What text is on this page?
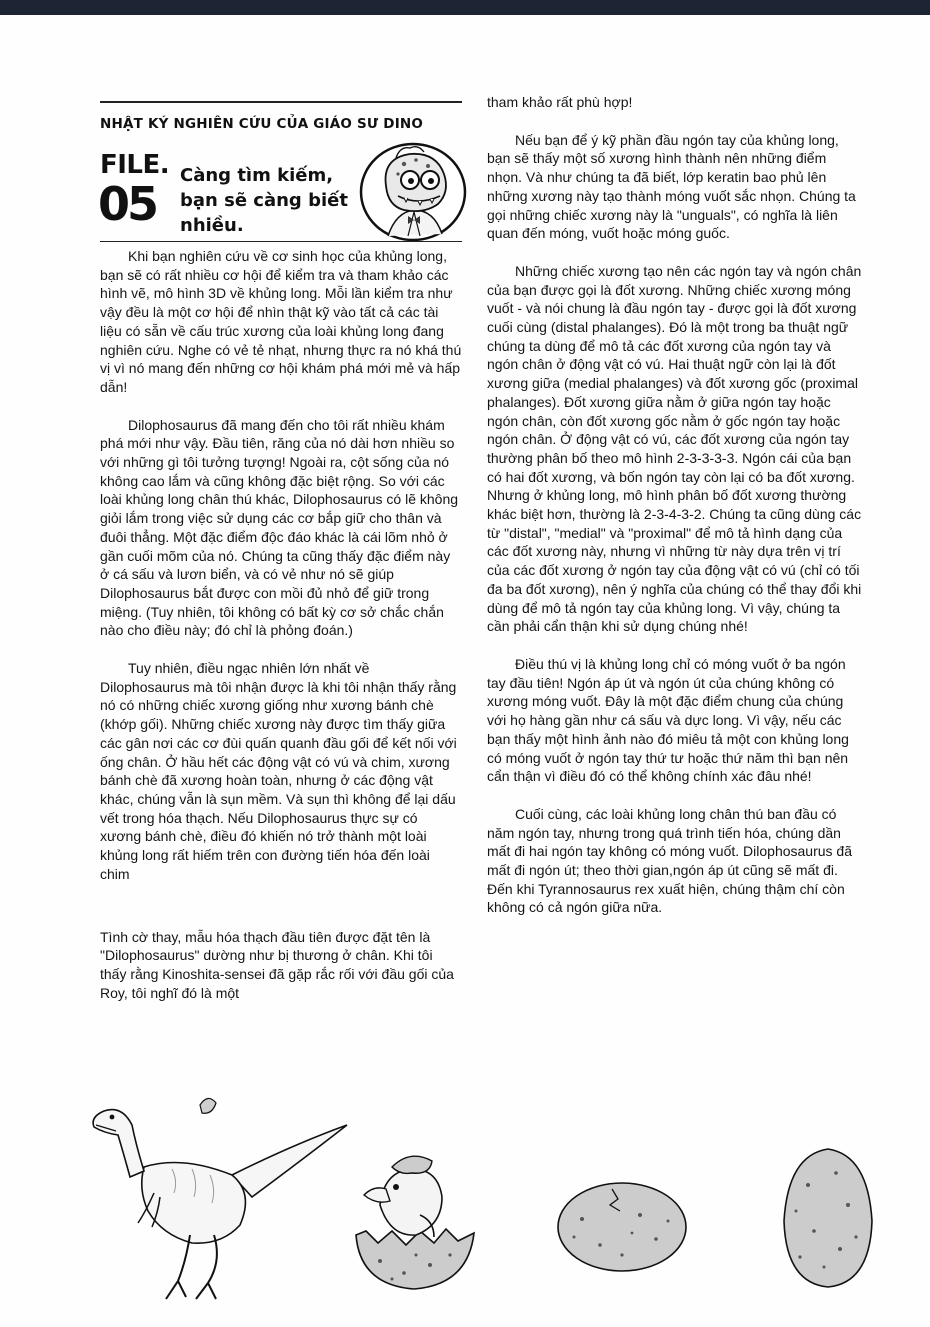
NHẬT KÝ NGHIÊN CỨU CỦA GIÁO SƯ DINO
FILE.
05
Càng tìm kiếm, bạn sẽ càng biết nhiều.

Khi bạn nghiên cứu về cơ sinh học của khủng long, bạn sẽ có rất nhiều cơ hội để kiểm tra và tham khảo các hình vẽ, mô hình 3D về khủng long. Mỗi lần kiểm tra như vậy đều là một cơ hội để nhìn thật kỹ vào tất cả các tài liệu có sẵn về cấu trúc xương của loài khủng long đang nghiên cứu. Nghe có vẻ tẻ nhạt, nhưng thực ra nó khá thú vị vì nó mang đến những cơ hội khám phá mới mẻ và hấp dẫn!

Dilophosaurus đã mang đến cho tôi rất nhiều khám phá mới như vậy. Đầu tiên, răng của nó dài hơn nhiều so với những gì tôi tưởng tượng! Ngoài ra, cột sống của nó không cao lắm và cũng không đặc biệt rộng. So với các loài khủng long chân thú khác, Dilophosaurus có lẽ không giỏi lắm trong việc sử dụng các cơ bắp giữ cho thân và đuôi thẳng. Một đặc điểm độc đáo khác là cái lõm nhỏ ở gần cuối mõm của nó. Chúng ta cũng thấy đặc điểm này ở cá sấu và lươn biển, và có vẻ như nó sẽ giúp Dilophosaurus bắt được con mồi đủ nhỏ để giữ trong miệng. (Tuy nhiên, tôi không có bất kỳ cơ sở chắc chắn nào cho điều này; đó chỉ là phỏng đoán.)

Tuy nhiên, điều ngạc nhiên lớn nhất về Dilophosaurus mà tôi nhận được là khi tôi nhận thấy rằng nó có những chiếc xương giống như xương bánh chè (khớp gối). Những chiếc xương này được tìm thấy giữa các gân nơi các cơ đùi quấn quanh đầu gối để kết nối với ống chân. Ở hầu hết các động vật có vú và chim, xương bánh chè đã xương hoàn toàn, nhưng ở các động vật khác, chúng vẫn là sụn mềm. Và sụn thì không để lại dấu vết trong hóa thạch. Nếu Dilophosaurus thực sự có xương bánh chè, điều đó khiến nó trở thành một loài khủng long rất hiếm trên con đường tiến hóa đến loài chim

Tình cờ thay, mẫu hóa thạch đầu tiên được đặt tên là "Dilophosaurus" dường như bị thương ở chân. Khi tôi thấy rằng Kinoshita-sensei đã gặp rắc rối với đầu gối của Roy, tôi nghĩ đó là một

tham khảo rất phù hợp!

Nếu bạn để ý kỹ phần đầu ngón tay của khủng long, bạn sẽ thấy một số xương hình thành nên những điểm nhọn. Và như chúng ta đã biết, lớp keratin bao phủ lên những xương này tạo thành móng vuốt sắc nhọn. Chúng ta gọi những chiếc xương này là "unguals", có nghĩa là liên quan đến móng, vuốt hoặc móng guốc.

Những chiếc xương tạo nên các ngón tay và ngón chân của bạn được gọi là đốt xương. Những chiếc xương móng vuốt - và nói chung là đầu ngón tay - được gọi là đốt xương cuối cùng (distal phalanges). Đó là một trong ba thuật ngữ chúng ta dùng để mô tả các đốt xương của ngón tay và ngón chân ở động vật có vú. Hai thuật ngữ còn lại là đốt xương giữa (medial phalanges) và đốt xương gốc (proximal phalanges). Đốt xương giữa nằm ở giữa ngón tay hoặc ngón chân, còn đốt xương gốc nằm ở gốc ngón tay hoặc ngón chân. Ở động vật có vú, các đốt xương của ngón tay thường phân bố theo mô hình 2-3-3-3-3. Ngón cái của bạn có hai đốt xương, và bốn ngón tay còn lại có ba đốt xương. Nhưng ở khủng long, mô hình phân bố đốt xương thường khác biệt hơn, thường là 2-3-4-3-2. Chúng ta cũng dùng các từ "distal", "medial" và "proximal" để mô tả hình dạng của các đốt xương này, nhưng vì những từ này dựa trên vị trí của các đốt xương ở ngón tay của động vật có vú (chỉ có tối đa ba đốt xương), nên ý nghĩa của chúng có thể thay đổi khi dùng để mô tả ngón tay của khủng long. Vì vậy, chúng ta cần phải cẩn thận khi sử dụng chúng nhé!

Điều thú vị là khủng long chỉ có móng vuốt ở ba ngón tay đầu tiên! Ngón áp út và ngón út của chúng không có xương móng vuốt. Đây là một đặc điểm chung của chúng với họ hàng gần như cá sấu và dực long. Vì vậy, nếu các bạn thấy một hình ảnh nào đó miêu tả một con khủng long có móng vuốt ở ngón tay thứ tư hoặc thứ năm thì bạn nên cẩn thận vì điều đó có thể không chính xác đâu nhé!

Cuối cùng, các loài khủng long chân thú ban đầu có năm ngón tay, nhưng trong quá trình tiến hóa, chúng dần mất đi hai ngón tay không có móng vuốt. Dilophosaurus đã mất đi ngón út; theo thời gian,ngón áp út cũng sẽ mất đi. Đến khi Tyrannosaurus rex xuất hiện, chúng thậm chí còn không có cả ngón giữa nữa.
